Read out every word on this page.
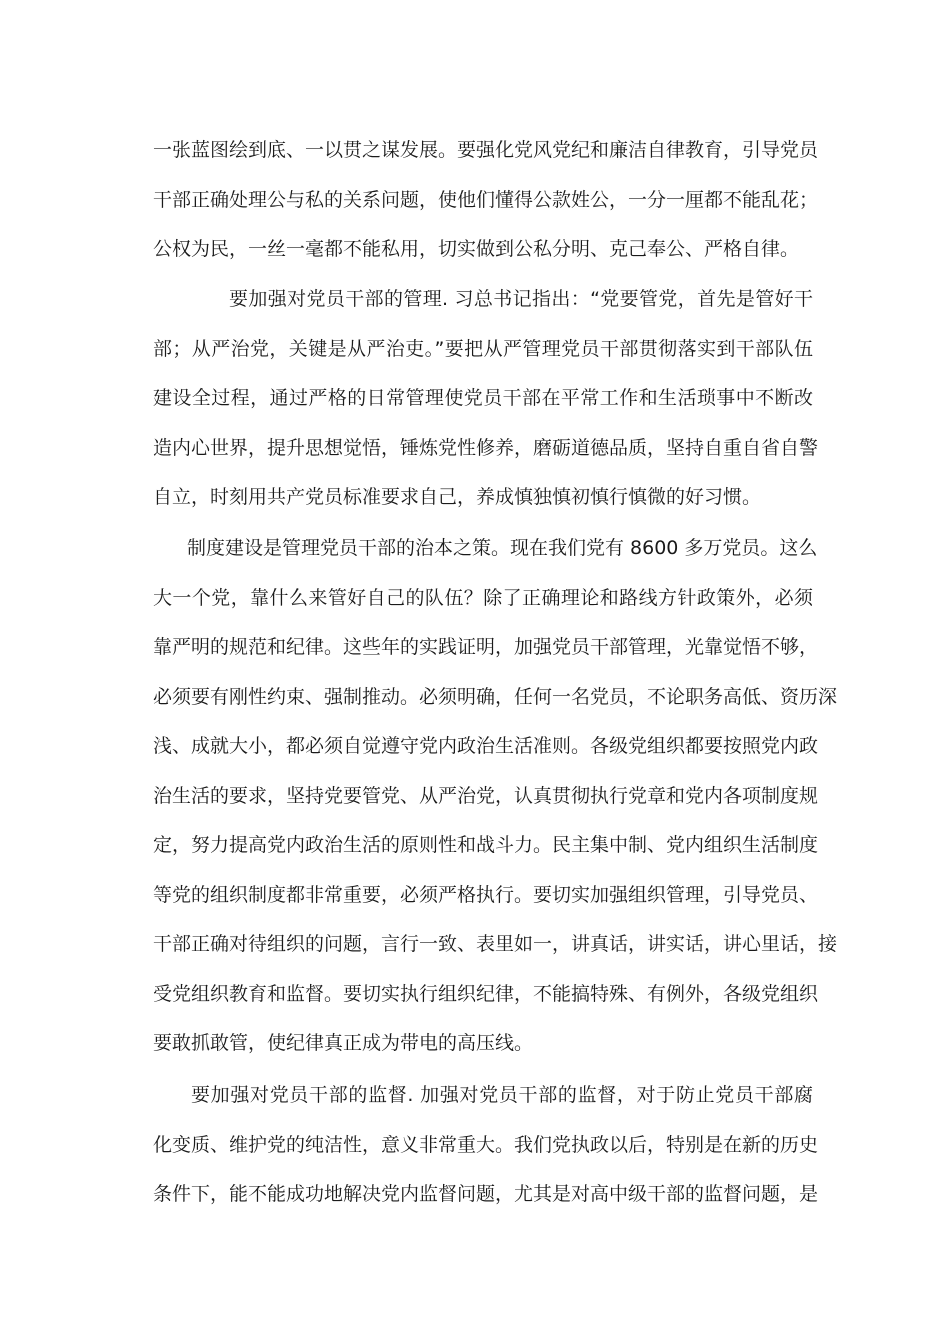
一张蓝图绘到底、一以贯之谋发展。要强化党风党纪和廉洁自律教育，引导党员
干部正确处理公与私的关系问题，使他们懂得公款姓公，一分一厘都不能乱花；
公权为民，一丝一毫都不能私用，切实做到公私分明、克己奉公、严格自律。
要加强对党员干部的管理. 习总书记指出：“党要管党，首先是管好干
部；从严治党，关键是从严治吏。”要把从严管理党员干部贯彻落实到干部队伍
建设全过程，通过严格的日常管理使党员干部在平常工作和生活琐事中不断改
造内心世界，提升思想觉悟，锤炼党性修养，磨砺道德品质，坚持自重自省自警
自立，时刻用共产党员标准要求自己，养成慎独慎初慎行慎微的好习惯。
制度建设是管理党员干部的治本之策。现在我们党有 8600 多万党员。这么
大一个党，靠什么来管好自己的队伍？除了正确理论和路线方针政策外，必须
靠严明的规范和纪律。这些年的实践证明，加强党员干部管理，光靠觉悟不够，
必须要有刚性约束、强制推动。必须明确，任何一名党员，不论职务高低、资历深
浅、成就大小，都必须自觉遵守党内政治生活准则。各级党组织都要按照党内政
治生活的要求，坚持党要管党、从严治党，认真贯彻执行党章和党内各项制度规
定，努力提高党内政治生活的原则性和战斗力。民主集中制、党内组织生活制度
等党的组织制度都非常重要，必须严格执行。要切实加强组织管理，引导党员、
干部正确对待组织的问题，言行一致、表里如一，讲真话，讲实话，讲心里话，接
受党组织教育和监督。要切实执行组织纪律，不能搞特殊、有例外，各级党组织
要敢抓敢管，使纪律真正成为带电的高压线。
要加强对党员干部的监督. 加强对党员干部的监督，对于防止党员干部腐
化变质、维护党的纯洁性，意义非常重大。我们党执政以后，特别是在新的历史
条件下，能不能成功地解决党内监督问题，尤其是对高中级干部的监督问题，是
